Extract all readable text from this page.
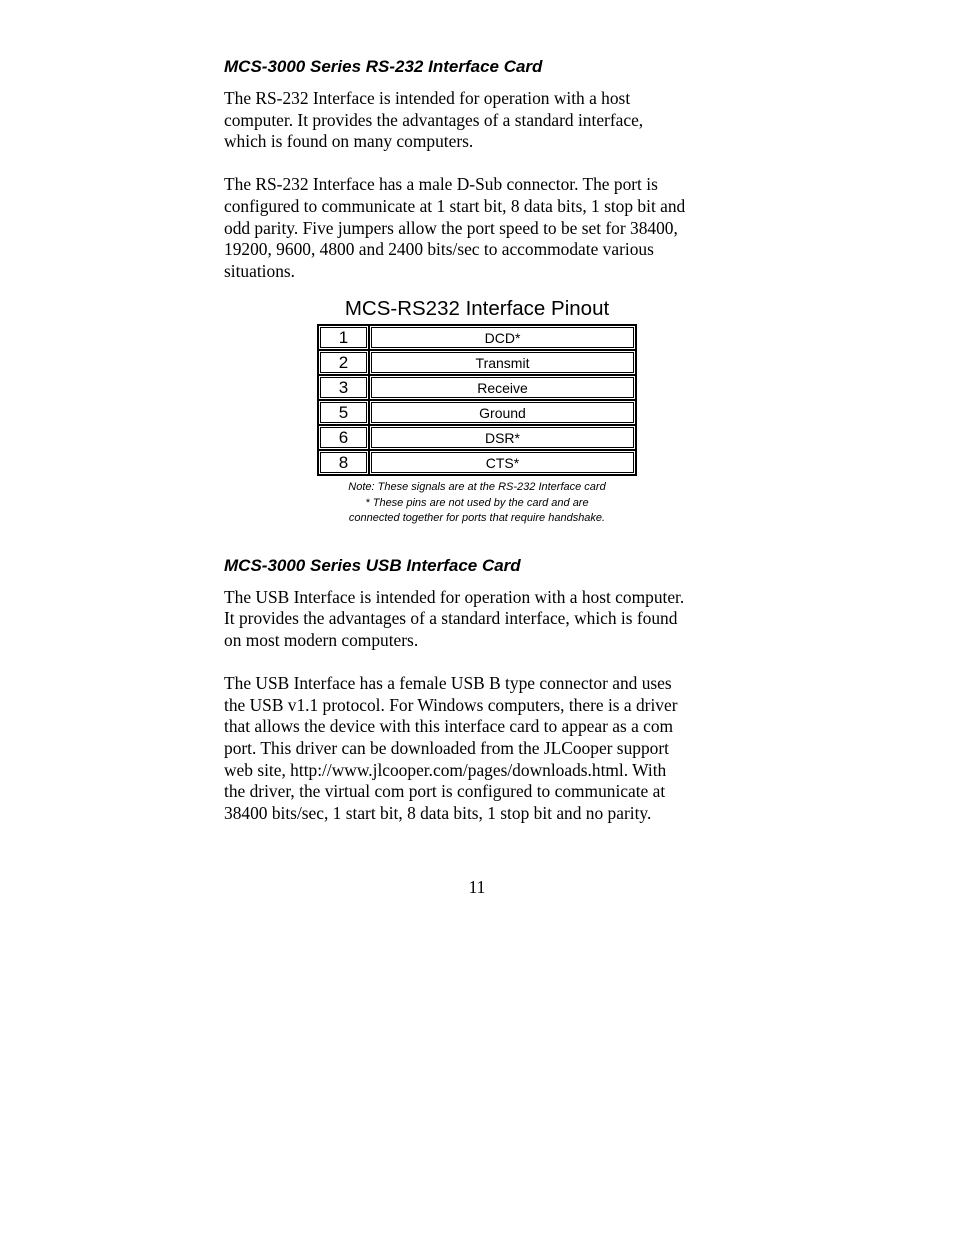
MCS-3000 Series RS-232 Interface Card

The RS-232 Interface is intended for operation with a host
computer. It provides the advantages of a standard interface,
which is found on many computers.

The RS-232 Interface has a male D-Sub connector. The port is
configured to communicate at 1 start bit, 8 data bits, 1 stop bit and
odd parity. Five jumpers allow the port speed to be set for 38400,
19200, 9600, 4800 and 2400 bits/sec to accommodate various
situations.

MCS-RS232 Interface Pinout
1	DCD*
2	Transmit
3	Receive
5	Ground
6	DSR*
8	CTS*
Note: These signals are at the RS-232 Interface card
* These pins are not used by the card and are
connected together for ports that require handshake.
MCS-3000 Series USB Interface Card

The USB Interface is intended for operation with a host computer.
It provides the advantages of a standard interface, which is found
on most modern computers.

The USB Interface has a female USB B type connector and uses
the USB v1.1 protocol. For Windows computers, there is a driver
that allows the device with this interface card to appear as a com
port. This driver can be downloaded from the JLCooper support
web site, http://www.jlcooper.com/pages/downloads.html. With
the driver, the virtual com port is configured to communicate at
38400 bits/sec, 1 start bit, 8 data bits, 1 stop bit and no parity.

11
